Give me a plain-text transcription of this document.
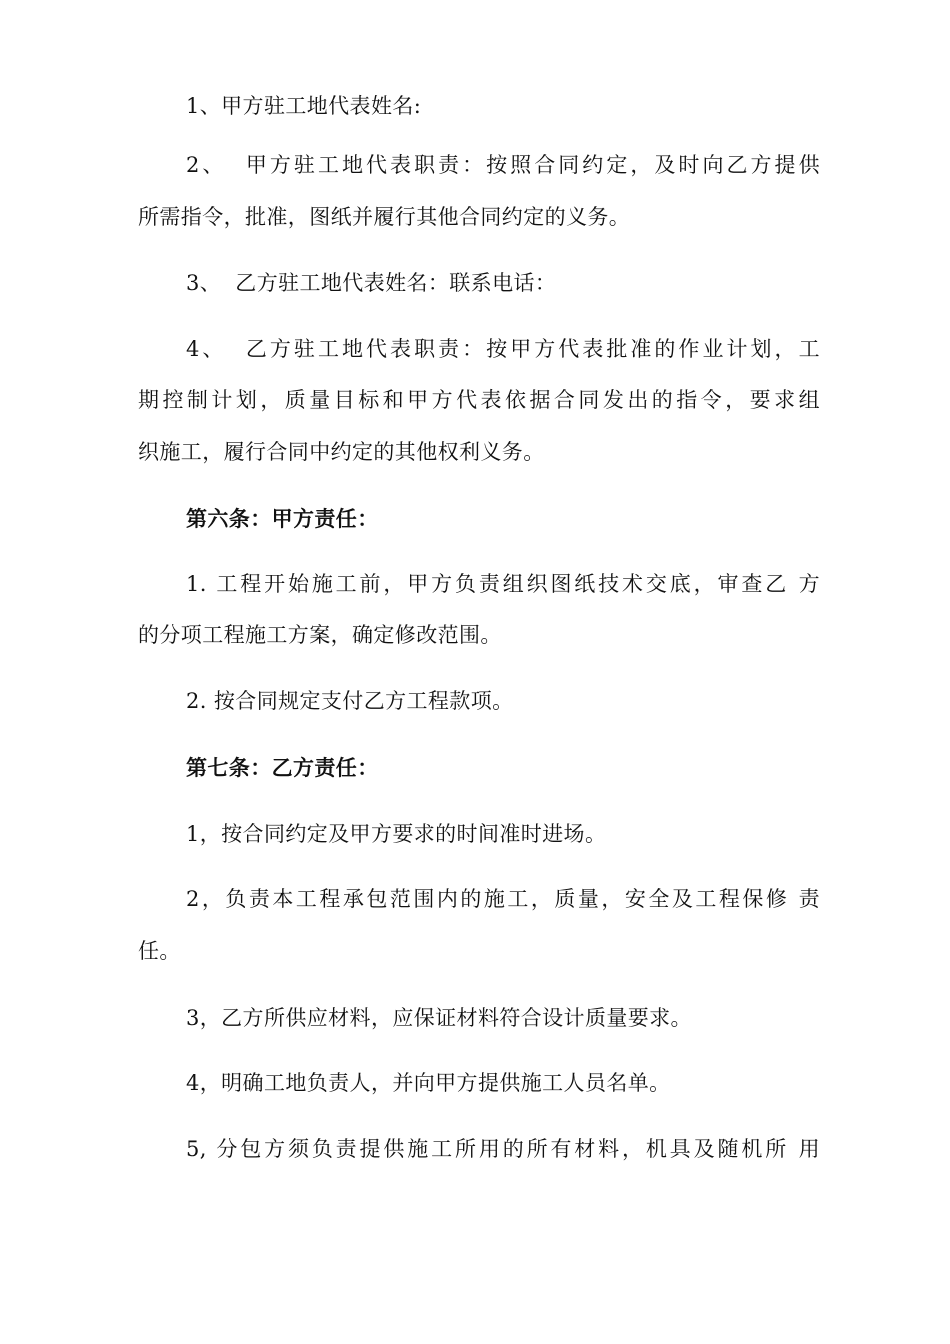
1、甲方驻工地代表姓名:
2、  甲方驻工地代表职责：按照合同约定，及时向乙方提供
所需指令，批准，图纸并履行其他合同约定的义务。
3、  乙方驻工地代表姓名：联系电话：
4、  乙方驻工地代表职责：按甲方代表批准的作业计划，工
期控制计划，质量目标和甲方代表依据合同发出的指令，要求组
织施工，履行合同中约定的其他权利义务。
第六条：甲方责任：
1. 工程开始施工前，甲方负责组织图纸技术交底，审查乙 方
的分项工程施工方案，确定修改范围。
2. 按合同规定支付乙方工程款项。
第七条：乙方责任：
1，按合同约定及甲方要求的时间准时进场。
2，负责本工程承包范围内的施工，质量，安全及工程保修 责
任。
3，乙方所供应材料，应保证材料符合设计质量要求。
4，明确工地负责人，并向甲方提供施工人员名单。
5, 分包方须负责提供施工所用的所有材料，机具及随机所 用
